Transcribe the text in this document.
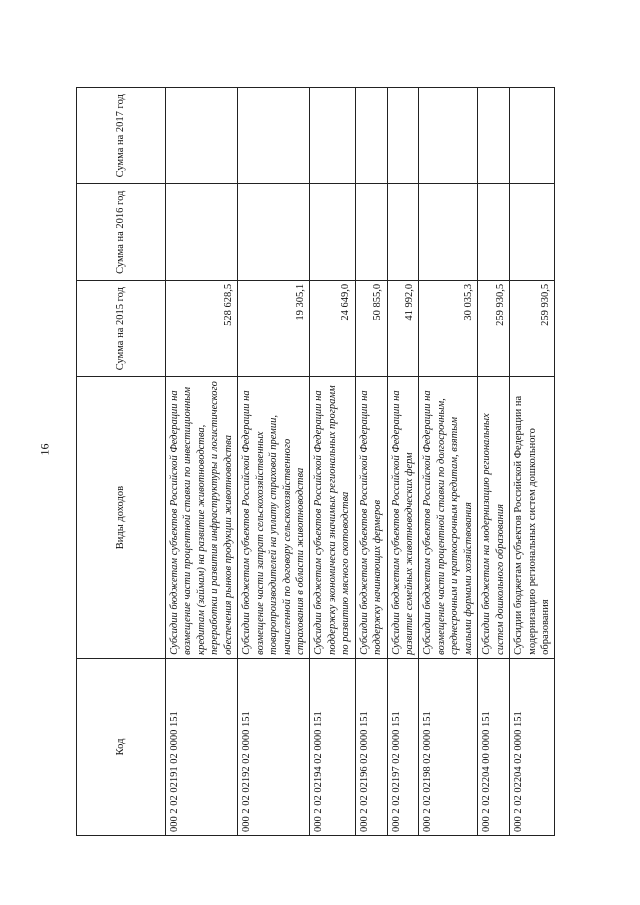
16
Код	Виды доходов	Сумма на 2015 год	Сумма на 2016 год	Сумма на 2017 год
000 2 02 02191 02 0000 151	Субсидии бюджетам субъектов Российской Федерации на возмещение части процентной ставки по инвестиционным кредитам (займам) на развитие животноводства, переработки и развития инфраструктуры и логистического обеспечения рынков продукции животноводства	528 628,5		
000 2 02 02192 02 0000 151	Субсидии бюджетам субъектов Российской Федерации на возмещение части затрат сельскохозяйственных товаропроизводителей на уплату страховой премии, начисленной по договору сельскохозяйственного страхования в области животноводства	19 305,1		
000 2 02 02194 02 0000 151	Субсидии бюджетам субъектов Российской Федерации на поддержку экономически значимых региональных программ по развитию мясного скотоводства	24 649,0		
000 2 02 02196 02 0000 151	Субсидии бюджетам субъектов Российской Федерации на поддержку начинающих фермеров	50 855,0		
000 2 02 02197 02 0000 151	Субсидии бюджетам субъектов Российской Федерации на развитие семейных животноводческих ферм	41 992,0		
000 2 02 02198 02 0000 151	Субсидии бюджетам субъектов Российской Федерации на возмещение части процентной ставки по долгосрочным, среднесрочным и краткосрочным кредитам, взятым малыми формами хозяйствования	30 035,3		
000 2 02 02204 00 0000 151	Субсидии бюджетам на модернизацию региональных систем дошкольного образования	259 930,5		
000 2 02 02204 02 0000 151	Субсидии бюджетам субъектов Российской Федерации на модернизацию региональных систем дошкольного образования	259 930,5		
